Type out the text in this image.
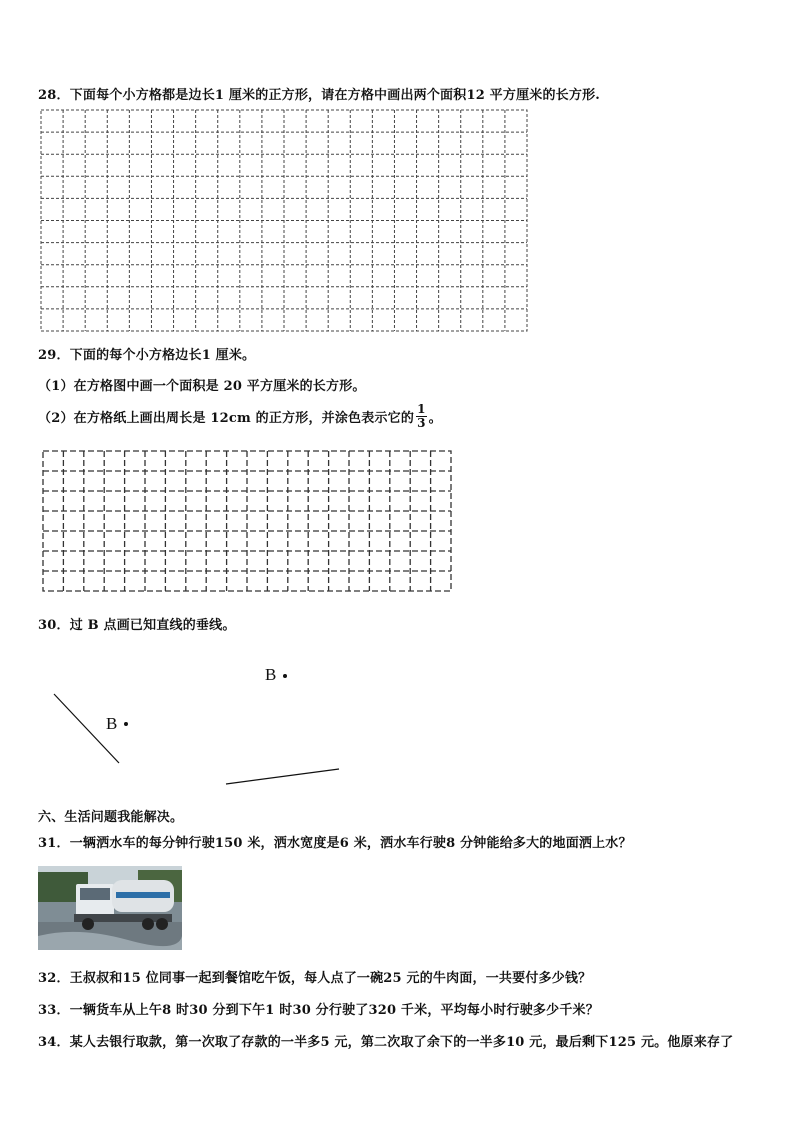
28．下面每个小方格都是边长1 厘米的正方形，请在方格中画出两个面积12 平方厘米的长方形.
29．下面的每个小方格边长1 厘米。
（1）在方格图中画一个面积是 20 平方厘米的长方形。
（2）在方格纸上画出周长是 12cm 的正方形，并涂色表示它的 $\frac{1}{3}$ 。
30．过 B 点画已知直线的垂线。
B
B
六、生活问题我能解决。
31．一辆洒水车的每分钟行驶150 米，洒水宽度是6 米，洒水车行驶8 分钟能给多大的地面洒上水？
32．王叔叔和15 位同事一起到餐馆吃午饭，每人点了一碗25 元的牛肉面，一共要付多少钱？
33．一辆货车从上午8 时30 分到下午1 时30 分行驶了320 千米，平均每小时行驶多少千米？
34．某人去银行取款，第一次取了存款的一半多5 元，第二次取了余下的一半多10 元，最后剩下125 元。他原来存了
